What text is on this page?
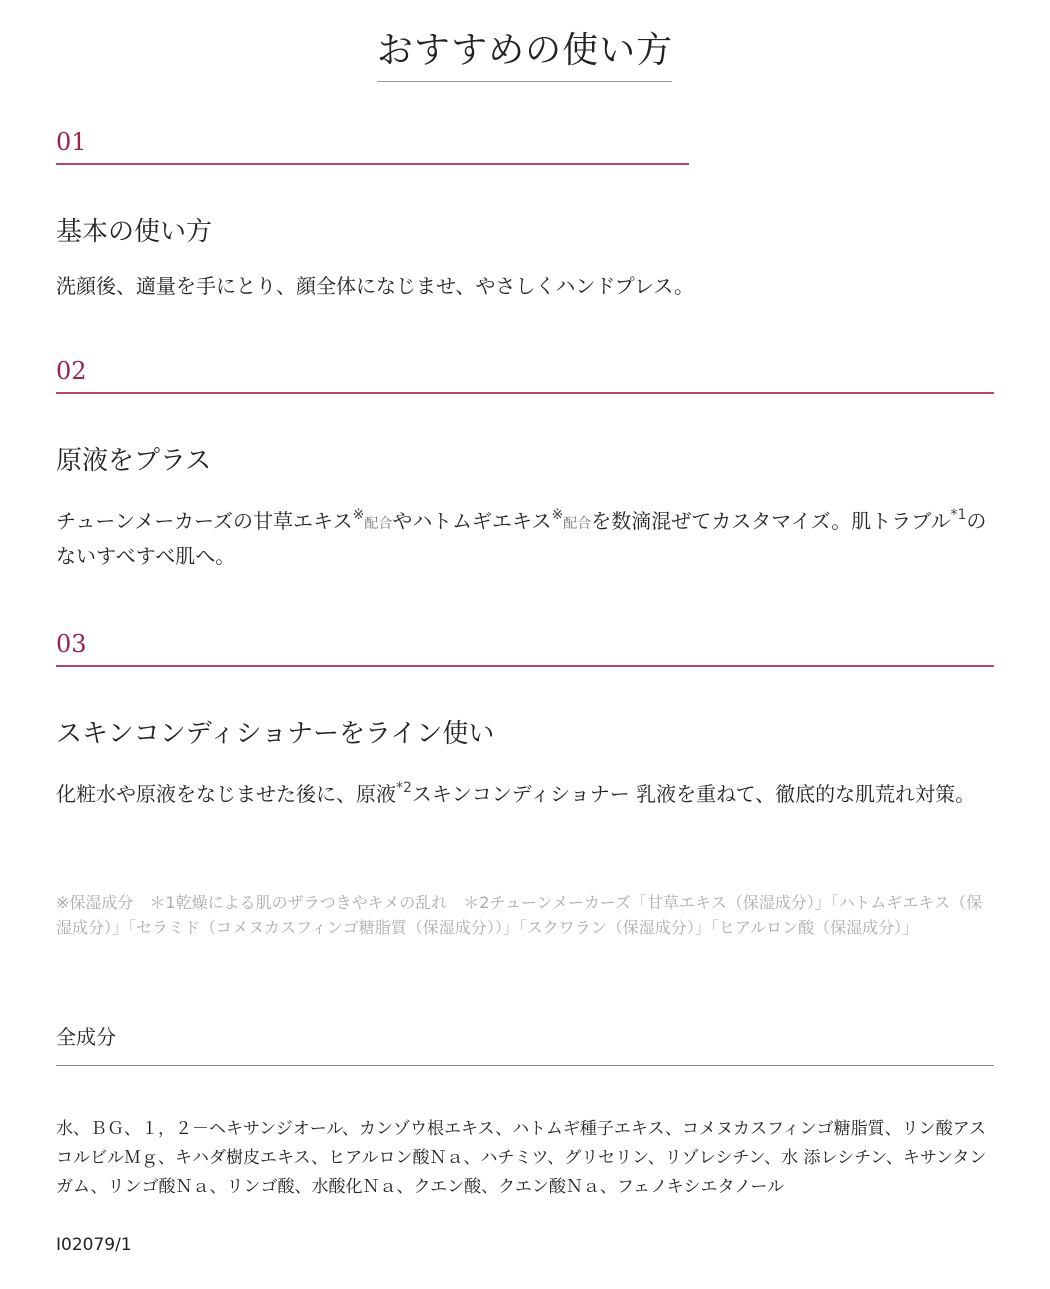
おすすめの使い方
01
基本の使い方
洗顔後、適量を手にとり、顔全体になじませ、やさしくハンドプレス。
02
原液をプラス
チューンメーカーズの甘草エキス※配合やハトムギエキス※配合を数滴混ぜてカスタマイズ。肌トラブル$^{*1}$のないすべすべ肌へ。
03
スキンコンディショナーをライン使い
化粧水や原液をなじませた後に、原液$^{*2}$スキンコンディショナー 乳液を重ねて、徹底的な肌荒れ対策。
※保湿成分　＊1乾燥による肌のザラつきやキメの乱れ　＊2チューンメーカーズ「甘草エキス（保湿成分）」「ハトムギエキス（保湿成分）」「セラミド（コメヌカスフィンゴ糖脂質（保湿成分））」「スクワラン（保湿成分）」「ヒアルロン酸（保湿成分）」
全成分
水、ＢＧ、１，２－ヘキサンジオール、カンゾウ根エキス、ハトムギ種子エキス、コメヌカスフィンゴ糖脂質、リン酸アスコルビルＭｇ、キハダ樹皮エキス、ヒアルロン酸Ｎａ、ハチミツ、グリセリン、リゾレシチン、水 添レシチン、キサンタンガム、リンゴ酸Ｎａ、リンゴ酸、水酸化Ｎａ、クエン酸、クエン酸Ｎａ、フェノキシエタノール
I02079/1
